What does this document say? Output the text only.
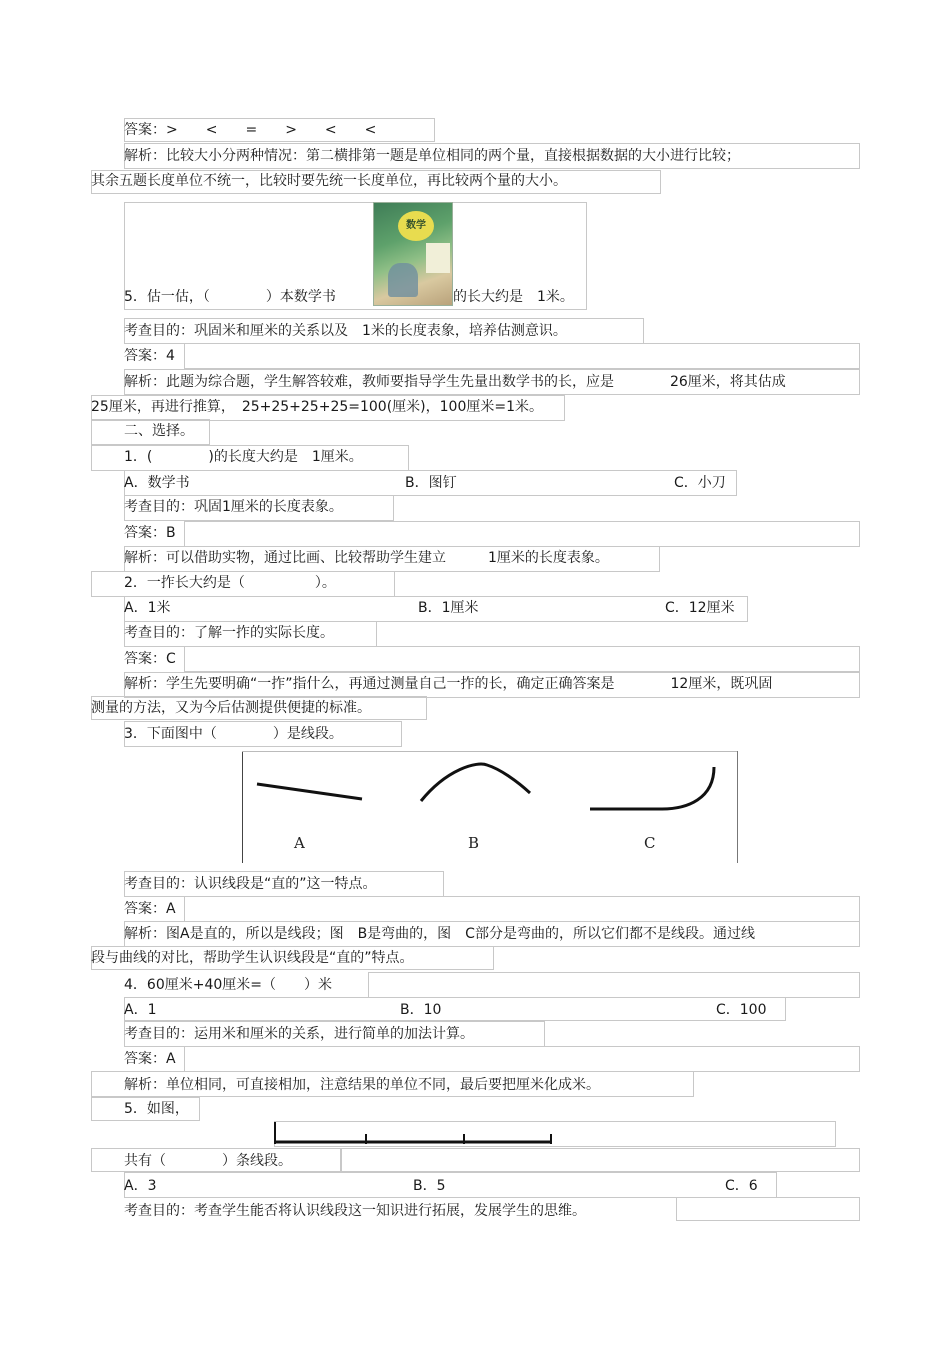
答案：>　　<　　=　　>　　<　　<
解析：比较大小分两种情况：第二横排第一题是单位相同的两个量，直接根据数据的大小进行比较；
其余五题长度单位不统一，比较时要先统一长度单位，再比较两个量的大小。
数学
5．估一估，（　　　　）本数学书	的长大约是　1米。
考查目的：巩固米和厘米的关系以及　1米的长度表象，培养估测意识。
答案：4
解析：此题为综合题，学生解答较难，教师要指导学生先量出数学书的长，应是　　　　26厘米，将其估成
25厘米，再进行推算，　25+25+25+25=100(厘米)，100厘米=1米。
二、选择。
1．(　　　　)的长度大约是　1厘米。
A．数学书	B．图钉	C．小刀
考查目的：巩固1厘米的长度表象。
答案：B
解析：可以借助实物，通过比画、比较帮助学生建立　　　1厘米的长度表象。
2．一拃长大约是（　　　　　）。
A．1米	B．1厘米	C．12厘米
考查目的：了解一拃的实际长度。
答案：C
解析：学生先要明确“一拃”指什么，再通过测量自己一拃的长，确定正确答案是　　　　12厘米，既巩固
测量的方法，又为今后估测提供便捷的标准。
3．下面图中（　　　　）是线段。
A	B	C
考查目的：认识线段是“直的”这一特点。
答案：A
解析：图A是直的，所以是线段；图　B是弯曲的，图　C部分是弯曲的，所以它们都不是线段。通过线
段与曲线的对比，帮助学生认识线段是“直的”特点。
4．60厘米+40厘米=（　　）米
A．1	B．10	C．100
考查目的：运用米和厘米的关系，进行简单的加法计算。
答案：A
解析：单位相同，可直接相加，注意结果的单位不同，最后要把厘米化成米。
5．如图，
共有（　　　　）条线段。
A．3	B．5	C．6
考查目的：考查学生能否将认识线段这一知识进行拓展，发展学生的思维。
